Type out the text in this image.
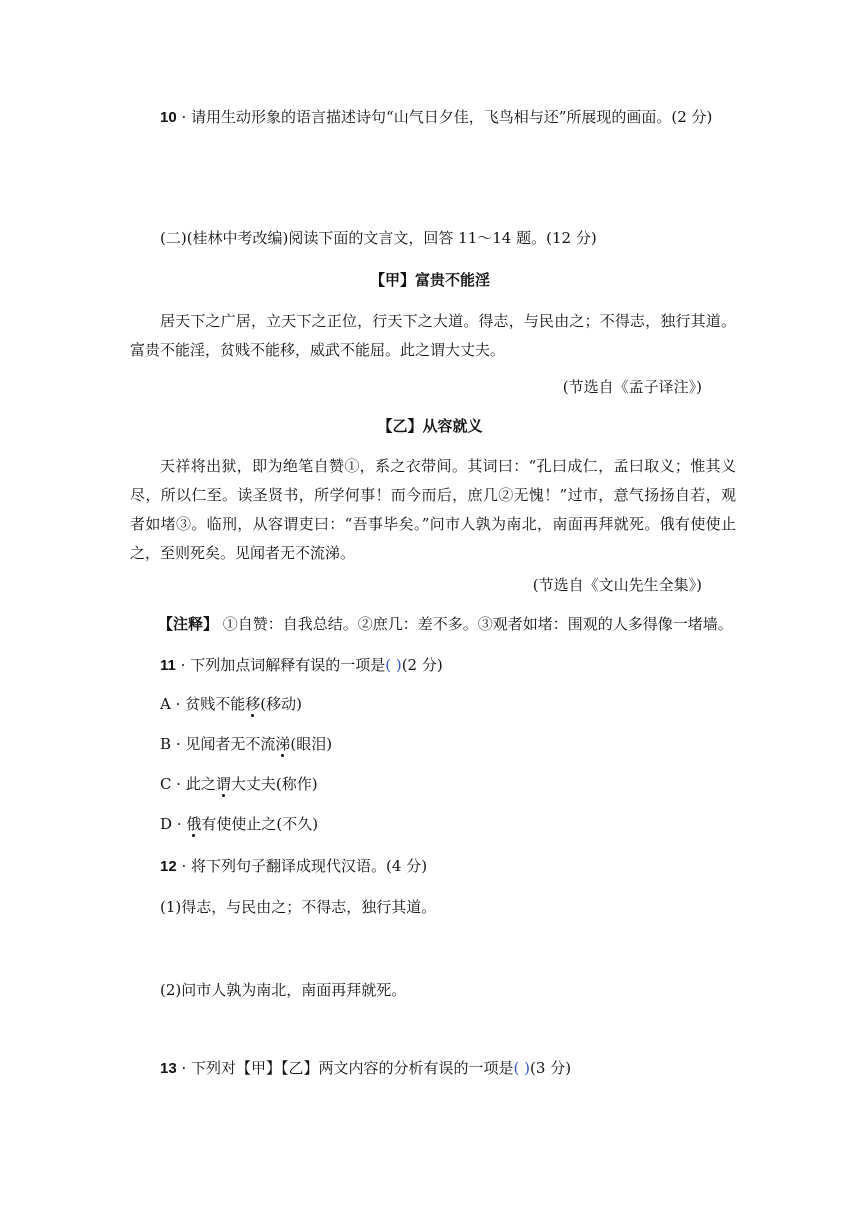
10 · 请用生动形象的语言描述诗句“山气日夕佳，飞鸟相与还”所展现的画面。(2 分)
(二)(桂林中考改编)阅读下面的文言文，回答 11～14 题。(12 分)
【甲】富贵不能淫

居天下之广居，立天下之正位，行天下之大道。得志，与民由之；不得志，独行其道。富贵不能淫，贫贱不能移，威武不能屈。此之谓大丈夫。

(节选自《孟子译注》)
【乙】从容就义

天祥将出狱，即为绝笔自赞①，系之衣带间。其词曰：“孔曰成仁，孟曰取义；惟其义尽，所以仁至。读圣贤书，所学何事！而今而后，庶几②无愧！”过市，意气扬扬自若，观者如堵③。临刑，从容谓吏曰：“吾事毕矣。”问市人孰为南北，南面再拜就死。俄有使使止之，至则死矣。见闻者无不流涕。

(节选自《文山先生全集》)
【注释】 ①自赞：自我总结。②庶几：差不多。③观者如堵：围观的人多得像一堵墙。
11 · 下列加点词解释有误的一项是( )(2 分)
A · 贫贱不能移(移动)
B · 见闻者无不流涕(眼泪)
C · 此之谓大丈夫(称作)
D · 俄有使使止之(不久)
12 · 将下列句子翻译成现代汉语。(4 分)
(1)得志，与民由之；不得志，独行其道。
(2)问市人孰为南北，南面再拜就死。
13 · 下列对【甲】【乙】两文内容的分析有误的一项是( )(3 分)
